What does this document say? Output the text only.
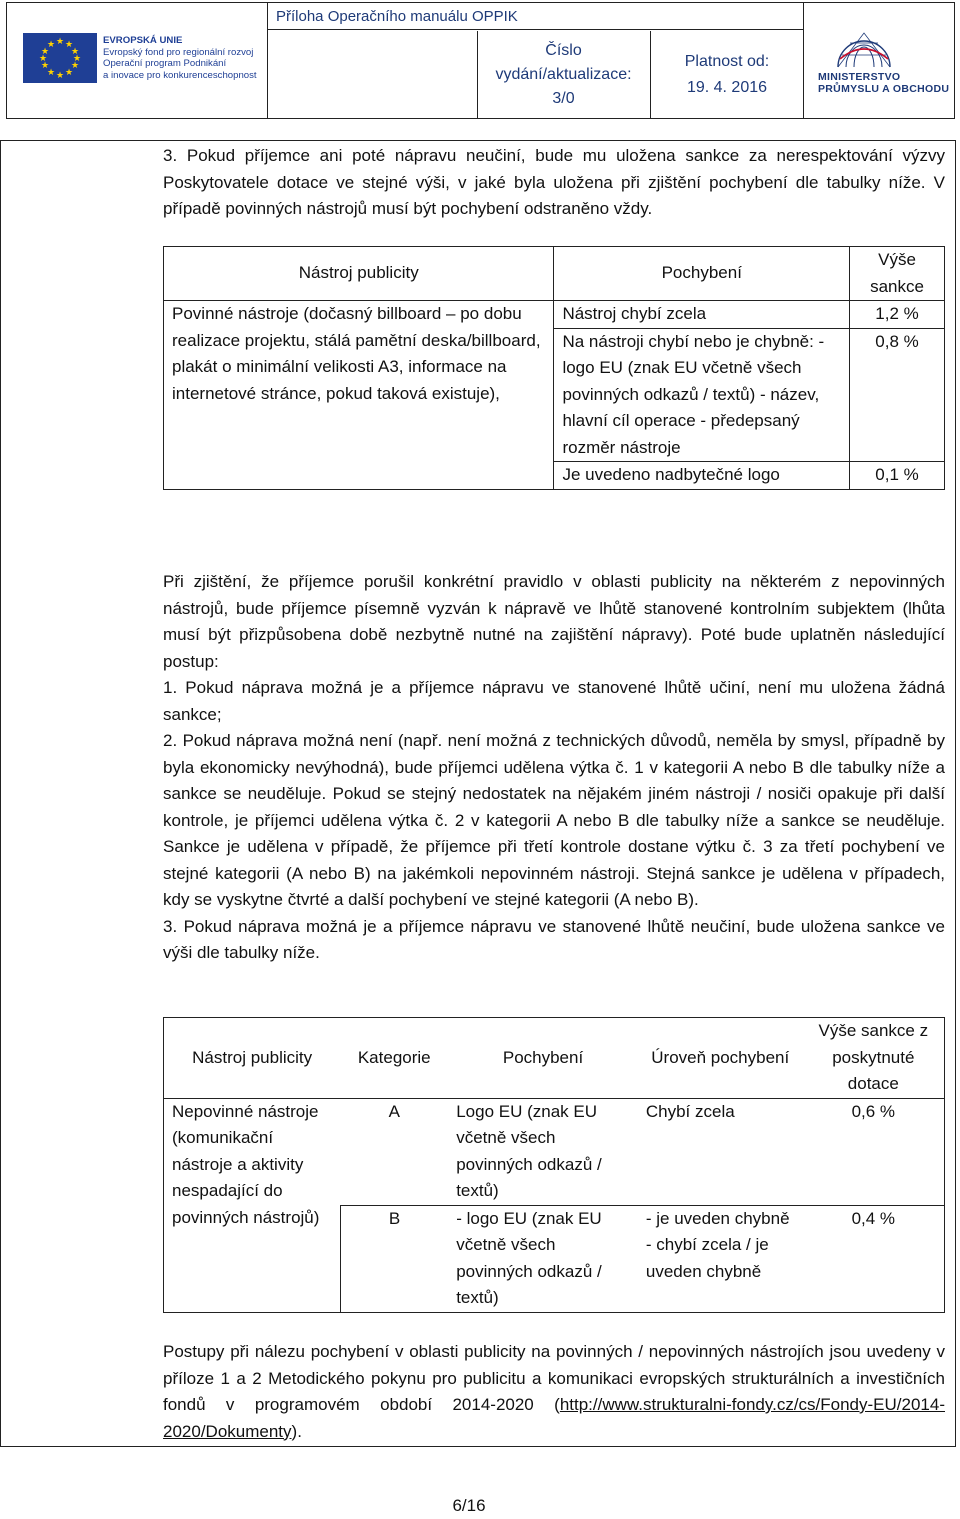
★ ★
★
★
★
★
★
★
★
★
★
★	EVROPSKÁ UNIE
Evropský fond pro regionální rozvoj
Operační program Podnikání
a inovace pro konkurenceschopnost
Příloha Operačního manuálu OPPIK
Číslo
vydání/aktualizace:
3/0
Platnost od:
19. 4. 2016
MINISTERSTVO
PRŮMYSLU A OBCHODU
3. Pokud příjemce ani poté nápravu neučiní, bude mu uložena sankce za nerespektování výzvy Poskytovatele dotace ve stejné výši, v jaké byla uložena při zjištění pochybení dle tabulky níže. V případě povinných nástrojů musí být pochybení odstraněno vždy.
Nástroj publicity	Pochybení	Výše sankce
Povinné nástroje (dočasný billboard – po dobu realizace projektu, stálá pamětní deska/billboard, plakát o minimální velikosti A3, informace na internetové stránce, pokud taková existuje),	Nástroj chybí zcela	1,2 %
	Na nástroji chybí nebo je chybně: - logo EU (znak EU včetně všech povinných odkazů / textů) - název, hlavní cíl operace - předepsaný rozměr nástroje	0,8 %
	Je uvedeno nadbytečné logo	0,1 %
Při zjištění, že příjemce porušil konkrétní pravidlo v oblasti publicity na některém z nepovinných nástrojů, bude příjemce písemně vyzván k nápravě ve lhůtě stanovené kontrolním subjektem (lhůta musí být přizpůsobena době nezbytně nutné na zajištění nápravy). Poté bude uplatněn následující postup:
1. Pokud náprava možná je a příjemce nápravu ve stanovené lhůtě učiní, není mu uložena žádná sankce;
2. Pokud náprava možná není (např. není možná z technických důvodů, neměla by smysl, případně by byla ekonomicky nevýhodná), bude příjemci udělena výtka č. 1 v kategorii A nebo B dle tabulky níže a sankce se neuděluje. Pokud se stejný nedostatek na nějakém jiném nástroji / nosiči opakuje při další kontrole, je příjemci udělena výtka č. 2 v kategorii A nebo B dle tabulky níže a sankce se neuděluje. Sankce je udělena v případě, že příjemce při třetí kontrole dostane výtku č. 3 za třetí pochybení ve stejné kategorii (A nebo B) na jakémkoli nepovinném nástroji. Stejná sankce je udělena v případech, kdy se vyskytne čtvrté a další pochybení ve stejné kategorii (A nebo B).
3. Pokud náprava možná je a příjemce nápravu ve stanovené lhůtě neučiní, bude uložena sankce ve výši dle tabulky níže.
Nástroj publicity	Kategorie	Pochybení	Úroveň pochybení	Výše sankce z poskytnuté dotace
Nepovinné nástroje (komunikační nástroje a aktivity nespadající do povinných nástrojů)	A	Logo EU (znak EU včetně všech povinných odkazů / textů)	Chybí zcela	0,6 %
	B	- logo EU (znak EU včetně všech povinných odkazů / textů)	- je uveden chybně - chybí zcela / je uveden chybně	0,4 %
Postupy při nálezu pochybení v oblasti publicity na povinných / nepovinných nástrojích jsou uvedeny v příloze 1 a 2 Metodického pokynu pro publicitu a komunikaci evropských strukturálních a investičních fondů v programovém období 2014-2020 (http://www.strukturalni-fondy.cz/cs/Fondy-EU/2014-2020/Dokumenty).
6/16
